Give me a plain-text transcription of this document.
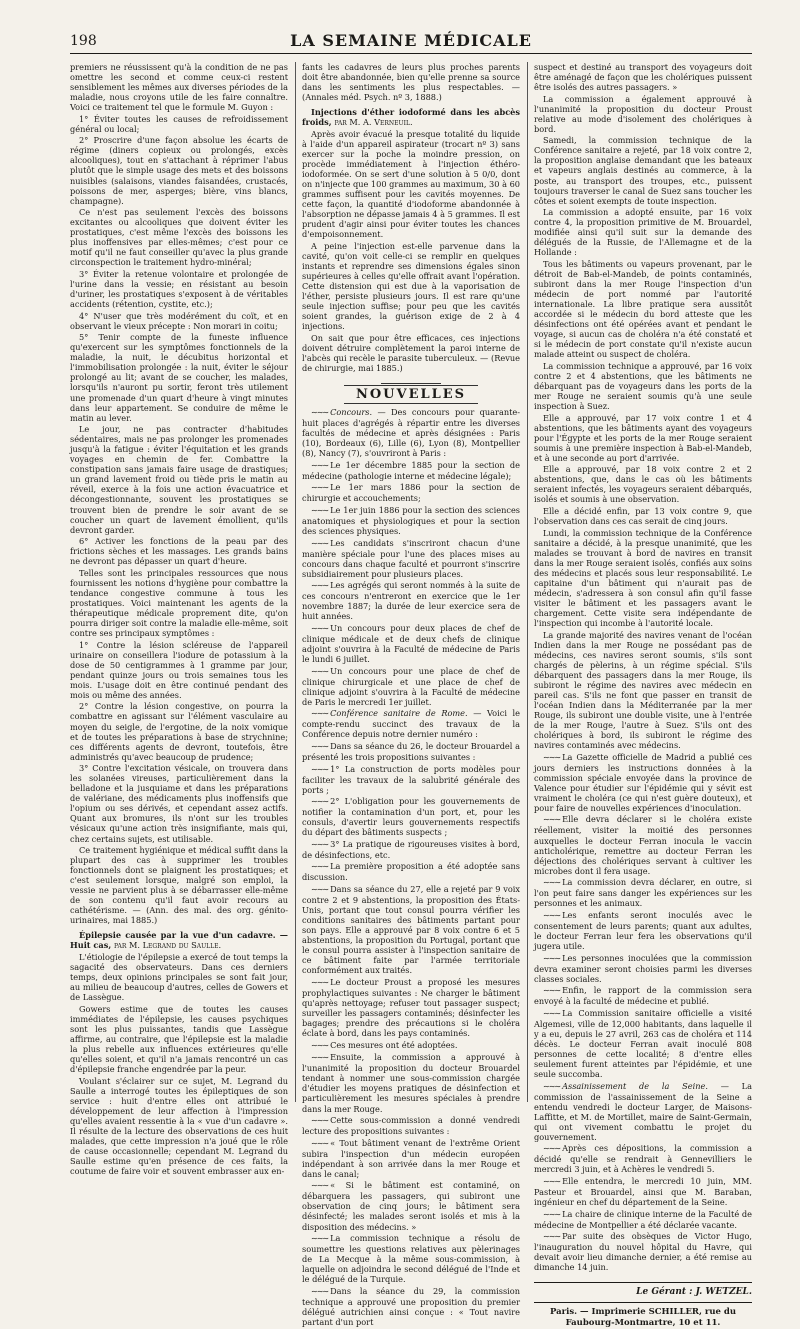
198	LA SEMAINE MÉDICALE

premiers ne réussissent qu'à la condition de ne pas omettre les second et comme ceux-ci restent sensiblement les mêmes aux diverses périodes de la maladie, nous croyons utile de les faire connaître. Voici ce traitement tel que le formule M. Guyon :

1° Éviter toutes les causes de refroidissement général ou local;

2° Proscrire d'une façon absolue les écarts de régime (diners copieux ou prolongés, excès alcooliques), tout en s'attachant à réprimer l'abus plutôt que le simple usage des mets et des boissons nuisibles (salaisons, viandes faisandées, crustacés, poissons de mer, asperges; bière, vins blancs, champagne).

Ce n'est pas seulement l'excès des boissons excitantes ou alcooliques que doivent éviter les prostatiques, c'est même l'excès des boissons les plus inoffensives par elles-mêmes; c'est pour ce motif qu'il ne faut conseiller qu'avec la plus grande circonspection le traitement hydro-minéral;

3° Éviter la retenue volontaire et prolongée de l'urine dans la vessie; en résistant au besoin d'uriner, les prostatiques s'exposent à de véritables accidents (rétention, cystite, etc.);

4° N'user que très modérément du coït, et en observant le vieux précepte : Non morari in coitu;

5° Tenir compte de la funeste influence qu'exercent sur les symptômes fonctionnels de la maladie, la nuit, le décubitus horizontal et l'immobilisation prolongée : la nuit, éviter le séjour prolongé au lit; avant de se coucher, les malades, lorsqu'ils n'auront pu sortir, feront très utilement une promenade d'un quart d'heure à vingt minutes dans leur appartement. Se conduire de même le matin au lever.

Le jour, ne pas contracter d'habitudes sédentaires, mais ne pas prolonger les promenades jusqu'à la fatigue : éviter l'équitation et les grands voyages en chemin de fer. Combattre la constipation sans jamais faire usage de drastiques; un grand lavement froid ou tiède pris le matin au réveil, exerce à la fois une action évacuatrice et décongestionnante, souvent les prostatiques se trouvent bien de prendre le soir avant de se coucher un quart de lavement émollient, qu'ils devront garder.

6° Activer les fonctions de la peau par des frictions sèches et les massages. Les grands bains ne devront pas dépasser un quart d'heure.

Telles sont les principales ressources que nous fournissent les notions d'hygiène pour combattre la tendance congestive commune à tous les prostatiques. Voici maintenant les agents de la thérapeutique médicale proprement dite, qu'on pourra diriger soit contre la maladie elle-même, soit contre ses principaux symptômes :

1° Contre la lésion scléreuse de l'appareil urinaire on conseillera l'iodure de potassium à la dose de 50 centigrammes à 1 gramme par jour, pendant quinze jours ou trois semaines tous les mois. L'usage doit en être continué pendant des mois ou même des années.

2° Contre la lésion congestive, on pourra la combattre en agissant sur l'élément vasculaire au moyen du seigle, de l'ergotine, de la noix vomique et de toutes les préparations à base de strychnine; ces différents agents de devront, toutefois, être administrés qu'avec beaucoup de prudence;

3° Contre l'excitation vésicale, on trouvera dans les solanées vireuses, particulièrement dans la belladone et la jusquiame et dans les préparations de valériane, des médicaments plus inoffensifs que l'opium ou ses dérivés, et cependant assez actifs. Quant aux bromures, ils n'ont sur les troubles vésicaux qu'une action très insignifiante, mais qui, chez certains sujets, est utilisable.

Ce traitement hygiénique et médical suffit dans la plupart des cas à supprimer les troubles fonctionnels dont se plaignent les prostatiques; et c'est seulement lorsque, malgré son emploi, la vessie ne parvient plus à se débarrasser elle-même de son contenu qu'il faut avoir recours au cathétérisme. — (Ann. des mal. des org. génito-urinaires, mai 1885.)

Épilepsie causée par la vue d'un cadavre. — Huit cas, par M. Legrand du Saulle.

L'étiologie de l'épilepsie a exercé de tout temps la sagacité des observateurs. Dans ces derniers temps, deux opinions principales se sont fait jour, au milieu de beaucoup d'autres, celles de Gowers et de Lassègue.

Gowers estime que de toutes les causes immédiates de l'épilepsie, les causes psychiques sont les plus puissantes, tandis que Lassègue affirme, au contraire, que l'épilepsie est la maladie la plus rebelle aux influences extérieures qu'elle qu'elles soient, et qu'il n'a jamais rencontré un cas d'épilepsie franche engendrée par la peur.

Voulant s'éclairer sur ce sujet, M. Legrand du Saulle a interrogé toutes les épileptiques de son service : huit d'entre elles ont attribué le développement de leur affection à l'impression qu'elles avaient ressentie à la « vue d'un cadavre ». Il résulte de la lecture des observations de ces huit malades, que cette impression n'a joué que le rôle de cause occasionnelle; cependant M. Legrand du Saulle estime qu'en présence de ces faits, la coutume de faire voir et souvent embrasser aux en-

fants les cadavres de leurs plus proches parents doit être abandonnée, bien qu'elle prenne sa source dans les sentiments les plus respectables. — (Annales méd. Psych. nº 3, 1888.)

Injections d'éther iodoformé dans les abcès froids, par M. A. Verneuil.

Après avoir évacué la presque totalité du liquide à l'aide d'un appareil aspirateur (trocart nº 3) sans exercer sur la poche la moindre pression, on procède immédiatement à l'injection éthéro-iodoformée. On se sert d'une solution à 5 0/0, dont on n'injecte que 100 grammes au maximum, 30 à 60 grammes suffisent pour les cavités moyennes. De cette façon, la quantité d'iodoforme abandonnée à l'absorption ne dépasse jamais 4 à 5 grammes. Il est prudent d'agir ainsi pour éviter toutes les chances d'empoisonnement.

A peine l'injection est-elle parvenue dans la cavité, qu'on voit celle-ci se remplir en quelques instants et reprendre ses dimensions égales sinon supérieures à celles qu'elle offrait avant l'opération. Cette distension qui est due à la vaporisation de l'éther, persiste plusieurs jours. Il est rare qu'une seule injection suffise; pour peu que les cavités soient grandes, la guérison exige de 2 à 4 injections.

On sait que pour être efficaces, ces injections doivent détruire complètement la paroi interne de l'abcès qui recèle le parasite tuberculeux. — (Revue de chirurgie, mai 1885.)

NOUVELLES

∼∼∼ Concours. — Des concours pour quarante-huit places d'agrégés à répartir entre les diverses facultés de médecine et après désignées : Paris (10), Bordeaux (6), Lille (6), Lyon (8), Montpellier (8), Nancy (7), s'ouvriront à Paris :

∼∼∼ Le 1er décembre 1885 pour la section de médecine (pathologie interne et médecine légale);

∼∼∼ Le 1er mars 1886 pour la section de chirurgie et accouchements;

∼∼∼ Le 1er juin 1886 pour la section des sciences anatomiques et physiologiques et pour la section des sciences physiques.

∼∼∼ Les candidats s'inscriront chacun d'une manière spéciale pour l'une des places mises au concours dans chaque faculté et pourront s'inscrire subsidiairement pour plusieurs places.

∼∼∼ Les agrégés qui seront nommés à la suite de ces concours n'entreront en exercice que le 1er novembre 1887; la durée de leur exercice sera de huit années.

∼∼∼ Un concours pour deux places de chef de clinique médicale et de deux chefs de clinique adjoint s'ouvrira à la Faculté de médecine de Paris le lundi 6 juillet.

∼∼∼ Un concours pour une place de chef de clinique chirurgicale et une place de chef de clinique adjoint s'ouvrira à la Faculté de médecine de Paris le mercredi 1er juillet.

∼∼∼ Conférence sanitaire de Rome. — Voici le compte-rendu succinct des travaux de la Conférence depuis notre dernier numéro :

∼∼∼ Dans sa séance du 26, le docteur Brouardel a présenté les trois propositions suivantes :

∼∼∼ 1° La construction de ports modèles pour faciliter les travaux de la salubrité générale des ports ;

∼∼∼ 2° L'obligation pour les gouvernements de notifier la contamination d'un port, et, pour les consuls, d'avertir leurs gouvernements respectifs du départ des bâtiments suspects ;

∼∼∼ 3° La pratique de rigoureuses visites à bord, de désinfections, etc.

∼∼∼ La première proposition a été adoptée sans discussion.

∼∼∼ Dans sa séance du 27, elle a rejeté par 9 voix contre 2 et 9 abstentions, la proposition des États-Unis, portant que tout consul pourra vérifier les conditions sanitaires des bâtiments partant pour son pays. Elle a approuvé par 8 voix contre 6 et 5 abstentions, la proposition du Portugal, portant que le consul pourra assister à l'inspection sanitaire de ce bâtiment faite par l'armée territoriale conformément aux traités.

∼∼∼ Le docteur Proust a proposé les mesures prophylactiques suivantes : Ne charger le bâtiment qu'après nettoyage; refuser tout passager suspect; surveiller les passagers contaminés; désinfecter les bagages; prendre des précautions si le choléra éclate à bord, dans les pays contaminés.

∼∼∼ Ces mesures ont été adoptées.

∼∼∼ Ensuite, la commission a approuvé à l'unanimité la proposition du docteur Brouardel tendant à nommer une sous-commission chargée d'étudier les moyens pratiques de désinfection et particulièrement les mesures spéciales à prendre dans la mer Rouge.

∼∼∼ Cette sous-commission a donné vendredi lecture des propositions suivantes :

∼∼∼ « Tout bâtiment venant de l'extrême Orient subira l'inspection d'un médecin européen indépendant à son arrivée dans la mer Rouge et dans le canal;

∼∼∼ « Si le bâtiment est contaminé, on débarquera les passagers, qui subiront une observation de cinq jours; le bâtiment sera désinfecté; les malades seront isolés et mis à la disposition des médecins. »

∼∼∼ La commission technique a résolu de soumettre les questions relatives aux pèlerinages de La Mecque à la même sous-commission, à laquelle on adjoindra le second délégué de l'Inde et le délégué de la Turquie.

∼∼∼ Dans la séance du 29, la commission technique a approuvé une proposition du premier délégué autrichien ainsi conçue : « Tout navire partant d'un port

suspect et destiné au transport des voyageurs doit être aménagé de façon que les cholériques puissent être isolés des autres passagers. »

La commission a également approuvé à l'unanimité la proposition du docteur Proust relative au mode d'isolement des cholériques à bord.

Samedi, la commission technique de la Conférence sanitaire a rejeté, par 18 voix contre 2, la proposition anglaise demandant que les bateaux et vapeurs anglais destinés au commerce, à la poste, au transport des troupes, etc., puissent toujours traverser le canal de Suez sans toucher les côtes et soient exempts de toute inspection.

La commission a adopté ensuite, par 16 voix contre 4, la proposition primitive de M. Brouardel, modifiée ainsi qu'il suit sur la demande des délégués de la Russie, de l'Allemagne et de la Hollande :

Tous les bâtiments ou vapeurs provenant, par le détroit de Bab-el-Mandeb, de points contaminés, subiront dans la mer Rouge l'inspection d'un médecin de port nommé par l'autorité internationale. La libre pratique sera aussitôt accordée si le médecin du bord atteste que les désinfections ont été opérées avant et pendant le voyage, si aucun cas de choléra n'a été constaté et si le médecin de port constate qu'il n'existe aucun malade atteint ou suspect de choléra.

La commission technique a approuvé, par 16 voix contre 2 et 4 abstentions, que les bâtiments ne débarquant pas de voyageurs dans les ports de la mer Rouge ne seraient soumis qu'à une seule inspection à Suez.

Elle a approuvé, par 17 voix contre 1 et 4 abstentions, que les bâtiments ayant des voyageurs pour l'Égypte et les ports de la mer Rouge seraient soumis à une première inspection à Bab-el-Mandeb, et à une seconde au port d'arrivée.

Elle a approuvé, par 18 voix contre 2 et 2 abstentions, que, dans le cas où les bâtiments seraient infectés, les voyageurs seraient débarqués, isolés et soumis à une observation.

Elle a décidé enfin, par 13 voix contre 9, que l'observation dans ces cas serait de cinq jours.

Lundi, la commission technique de la Conférence sanitaire a décidé, à la presque unanimité, que les malades se trouvant à bord de navires en transit dans la mer Rouge seraient isolés, confiés aux soins des médecins et placés sous leur responsabilité. Le capitaine d'un bâtiment qui n'aurait pas de médecin, s'adressera à son consul afin qu'il fasse visiter le bâtiment et les passagers avant le chargement. Cette visite sera indépendante de l'inspection qui incombe à l'autorité locale.

La grande majorité des navires venant de l'océan Indien dans la mer Rouge ne possédant pas de médecins, ces navires seront soumis, s'ils sont chargés de pèlerins, à un régime spécial. S'ils débarquent des passagers dans la mer Rouge, ils subiront le régime des navires avec médecin en pareil cas. S'ils ne font que passer en transit de l'océan Indien dans la Méditerranée par la mer Rouge, ils subiront une double visite, une à l'entrée de la mer Rouge, l'autre à Suez. S'ils ont des cholériques à bord, ils subiront le régime des navires contaminés avec médecins.

∼∼∼ La Gazette officielle de Madrid a publié ces jours derniers les instructions données à la commission spéciale envoyée dans la province de Valence pour étudier sur l'épidémie qui y sévit est vraiment le choléra (ce qui n'est guère douteux), et pour faire de nouvelles expériences d'inoculation.

∼∼∼ Elle devra déclarer si le choléra existe réellement, visiter la moitié des personnes auxquelles le docteur Ferran inocula le vaccin anticholérique, remettre au docteur Ferran les déjections des cholériques servant à cultiver les microbes dont il fera usage.

∼∼∼ La commission devra déclarer, en outre, si l'on peut faire sans danger les expériences sur les personnes et les animaux.

∼∼∼ Les enfants seront inoculés avec le consentement de leurs parents; quant aux adultes, le docteur Ferran leur fera les observations qu'il jugera utile.

∼∼∼ Les personnes inoculées que la commission devra examiner seront choisies parmi les diverses classes sociales.

∼∼∼ Enfin, le rapport de la commission sera envoyé à la faculté de médecine et publié.

∼∼∼ La Commission sanitaire officielle a visité Algemesi, ville de 12,000 habitants, dans laquelle il y a eu, depuis le 27 avril, 263 cas de choléra et 114 décès. Le docteur Ferran avait inoculé 808 personnes de cette localité; 8 d'entre elles seulement furent atteintes par l'épidémie, et une seule succomba.

∼∼∼ Assainissement de la Seine. — La commission de l'assainissement de la Seine a entendu vendredi le docteur Larger, de Maisons-Laffitte, et M. de Mortillet, maire de Saint-Germain, qui ont vivement combattu le projet du gouvernement.

∼∼∼ Après ces dépositions, la commission a décidé qu'elle se rendrait à Gennevilliers le mercredi 3 juin, et à Achères le vendredi 5.

∼∼∼ Elle entendra, le mercredi 10 juin, MM. Pasteur et Brouardel, ainsi que M. Baraban, ingénieur en chef du département de la Seine.

∼∼∼ La chaire de clinique interne de la Faculté de médecine de Montpellier a été déclarée vacante.

∼∼∼ Par suite des obsèques de Victor Hugo, l'inauguration du nouvel hôpital du Havre, qui devait avoir lieu dimanche dernier, a été remise au dimanche 14 juin.

Le Gérant : J. WETZEL.
Paris. — Imprimerie SCHILLER, rue du Faubourg-Montmartre, 10 et 11.
